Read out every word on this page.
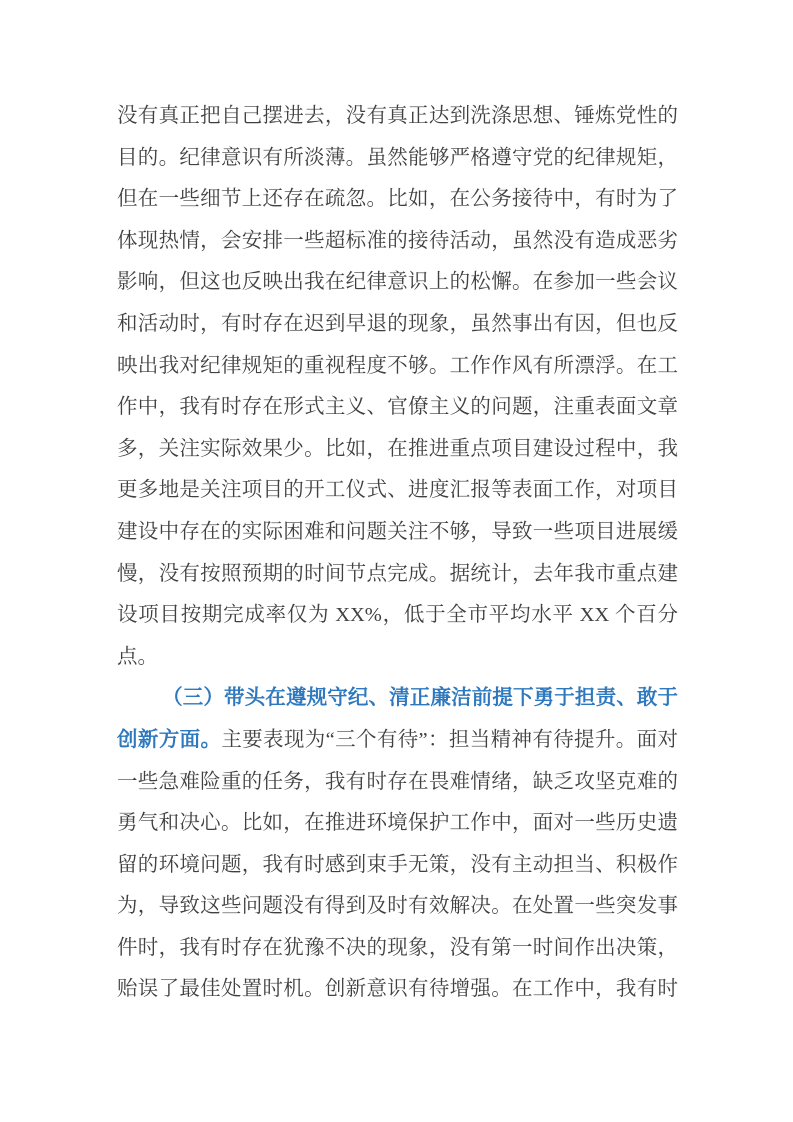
没有真正把自己摆进去，没有真正达到洗涤思想、锤炼党性的
目的。纪律意识有所淡薄。虽然能够严格遵守党的纪律规矩，
但在一些细节上还存在疏忽。比如，在公务接待中，有时为了
体现热情，会安排一些超标准的接待活动，虽然没有造成恶劣
影响，但这也反映出我在纪律意识上的松懈。在参加一些会议
和活动时，有时存在迟到早退的现象，虽然事出有因，但也反
映出我对纪律规矩的重视程度不够。工作作风有所漂浮。在工
作中，我有时存在形式主义、官僚主义的问题，注重表面文章
多，关注实际效果少。比如，在推进重点项目建设过程中，我
更多地是关注项目的开工仪式、进度汇报等表面工作，对项目
建设中存在的实际困难和问题关注不够，导致一些项目进展缓
慢，没有按照预期的时间节点完成。据统计，去年我市重点建
设项目按期完成率仅为 XX%，低于全市平均水平 XX 个百分
点。
（三）带头在遵规守纪、清正廉洁前提下勇于担责、敢于
创新方面。主要表现为“三个有待”：担当精神有待提升。面对
一些急难险重的任务，我有时存在畏难情绪，缺乏攻坚克难的
勇气和决心。比如，在推进环境保护工作中，面对一些历史遗
留的环境问题，我有时感到束手无策，没有主动担当、积极作
为，导致这些问题没有得到及时有效解决。在处置一些突发事
件时，我有时存在犹豫不决的现象，没有第一时间作出决策，
贻误了最佳处置时机。创新意识有待增强。在工作中，我有时
